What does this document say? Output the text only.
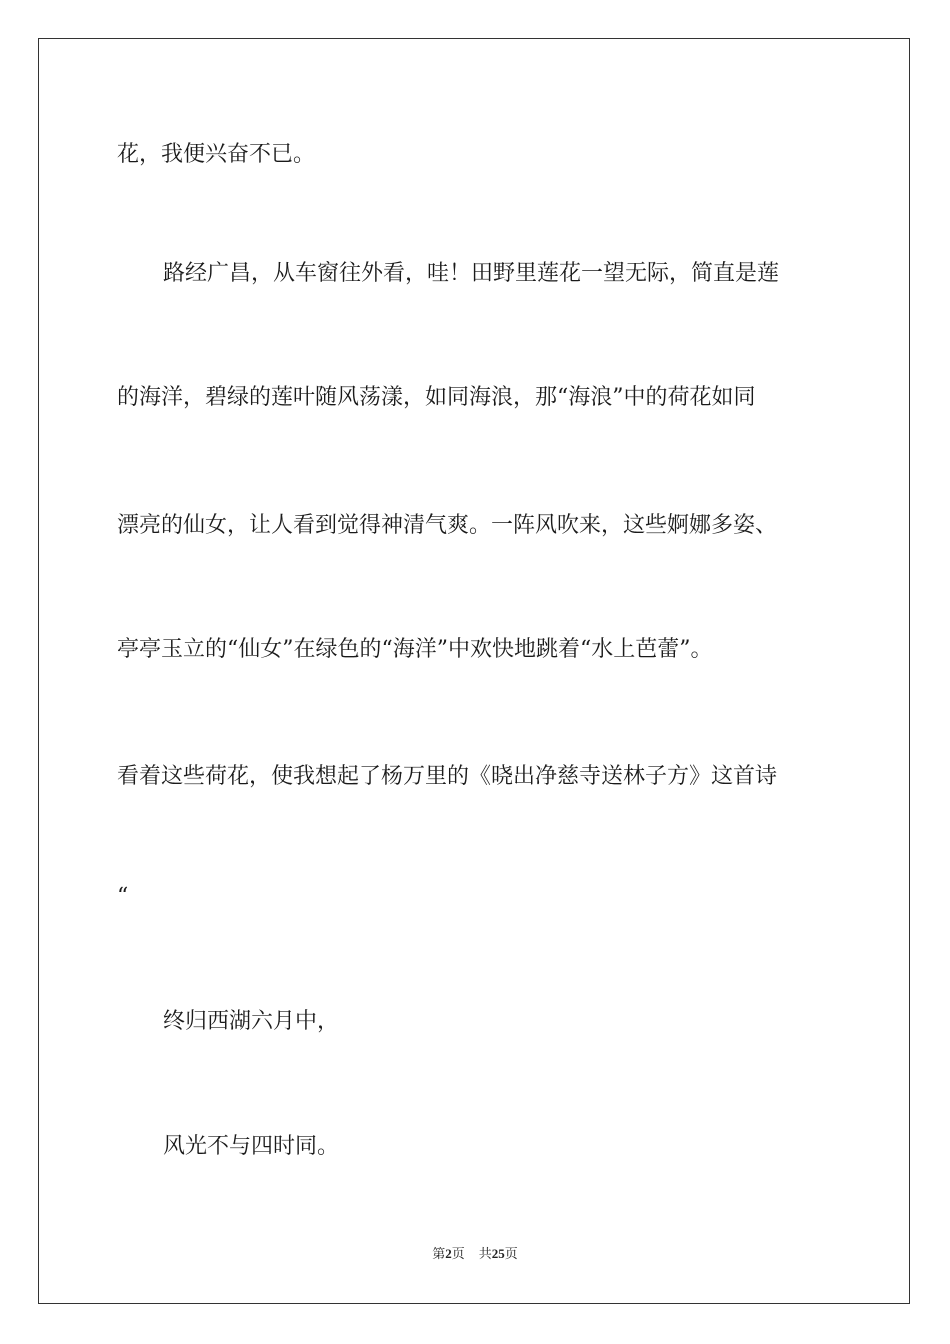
花，我便兴奋不已。
路经广昌，从车窗往外看，哇！田野里莲花一望无际，简直是莲
的海洋，碧绿的莲叶随风荡漾，如同海浪，那“海浪”中的荷花如同
漂亮的仙女，让人看到觉得神清气爽。一阵风吹来，这些婀娜多姿、
亭亭玉立的“仙女”在绿色的“海洋”中欢快地跳着“水上芭蕾”。
看着这些荷花，使我想起了杨万里的《晓出净慈寺送林子方》这首诗
“
终归西湖六月中，
风光不与四时同。
第2页 共25页
